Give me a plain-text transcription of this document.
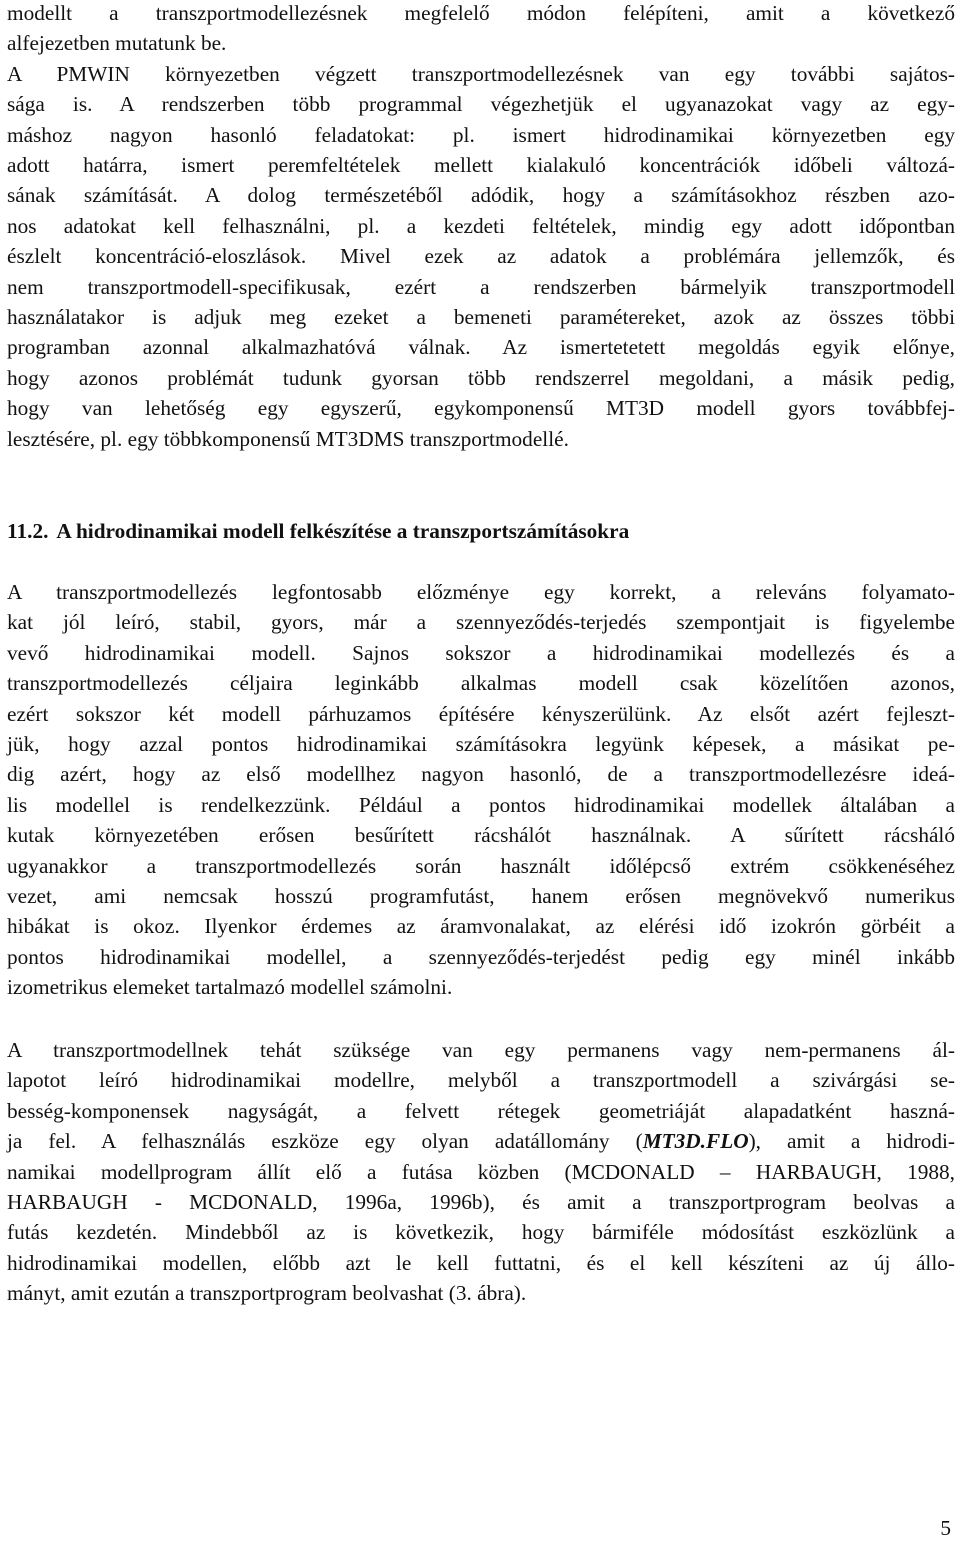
modellt a transzportmodellezésnek megfelelő módon felépíteni, amit a következő
alfejezetben mutatunk be.
A PMWIN környezetben végzett transzportmodellezésnek van egy további sajátos-
sága is. A rendszerben több programmal végezhetjük el ugyanazokat vagy az egy-
máshoz nagyon hasonló feladatokat: pl. ismert hidrodinamikai környezetben egy
adott határra, ismert peremfeltételek mellett kialakuló koncentrációk időbeli változá-
sának számítását. A dolog természetéből adódik, hogy a számításokhoz részben azo-
nos adatokat kell felhasználni, pl. a kezdeti feltételek, mindig egy adott időpontban
észlelt koncentráció-eloszlások. Mivel ezek az adatok a problémára jellemzők, és
nem transzportmodell-specifikusak, ezért a rendszerben bármelyik transzportmodell
használatakor is adjuk meg ezeket a bemeneti paramétereket, azok az összes többi
programban azonnal alkalmazhatóvá válnak. Az ismertetetett megoldás egyik előnye,
hogy azonos problémát tudunk gyorsan több rendszerrel megoldani, a másik pedig,
hogy van lehetőség egy egyszerű, egykomponensű MT3D modell gyors továbbfej-
lesztésére, pl. egy többkomponensű MT3DMS transzportmodellé.

11.2. A hidrodinamikai modell felkészítése a transzportszámításokra

A transzportmodellezés legfontosabb előzménye egy korrekt, a releváns folyamato-
kat jól leíró, stabil, gyors, már a szennyeződés-terjedés szempontjait is figyelembe
vevő hidrodinamikai modell. Sajnos sokszor a hidrodinamikai modellezés és a
transzportmodellezés céljaira leginkább alkalmas modell csak közelítően azonos,
ezért sokszor két modell párhuzamos építésére kényszerülünk. Az elsőt azért fejleszt-
jük, hogy azzal pontos hidrodinamikai számításokra legyünk képesek, a másikat pe-
dig azért, hogy az első modellhez nagyon hasonló, de a transzportmodellezésre ideá-
lis modellel is rendelkezzünk. Például a pontos hidrodinamikai modellek általában a
kutak környezetében erősen besűrített rácshálót használnak. A sűrített rácsháló
ugyanakkor a transzportmodellezés során használt időlépcső extrém csökkenéséhez
vezet, ami nemcsak hosszú programfutást, hanem erősen megnövekvő numerikus
hibákat is okoz. Ilyenkor érdemes az áramvonalakat, az elérési idő izokrón görbéit a
pontos hidrodinamikai modellel, a szennyeződés-terjedést pedig egy minél inkább
izometrikus elemeket tartalmazó modellel számolni.

A transzportmodellnek tehát szüksége van egy permanens vagy nem-permanens ál-
lapotot leíró hidrodinamikai modellre, melyből a transzportmodell a szivárgási se-
besség-komponensek nagyságát, a felvett rétegek geometriáját alapadatként haszná-
ja fel. A felhasználás eszköze egy olyan adatállomány (MT3D.FLO), amit a hidrodi-
namikai modellprogram állít elő a futása közben (MCDONALD – HARBAUGH, 1988,
HARBAUGH - MCDONALD, 1996a, 1996b), és amit a transzportprogram beolvas a
futás kezdetén. Mindebből az is következik, hogy bármiféle módosítást eszközlünk a
hidrodinamikai modellen, előbb azt le kell futtatni, és el kell készíteni az új állo-
mányt, amit ezután a transzportprogram beolvashat (3. ábra).

5
